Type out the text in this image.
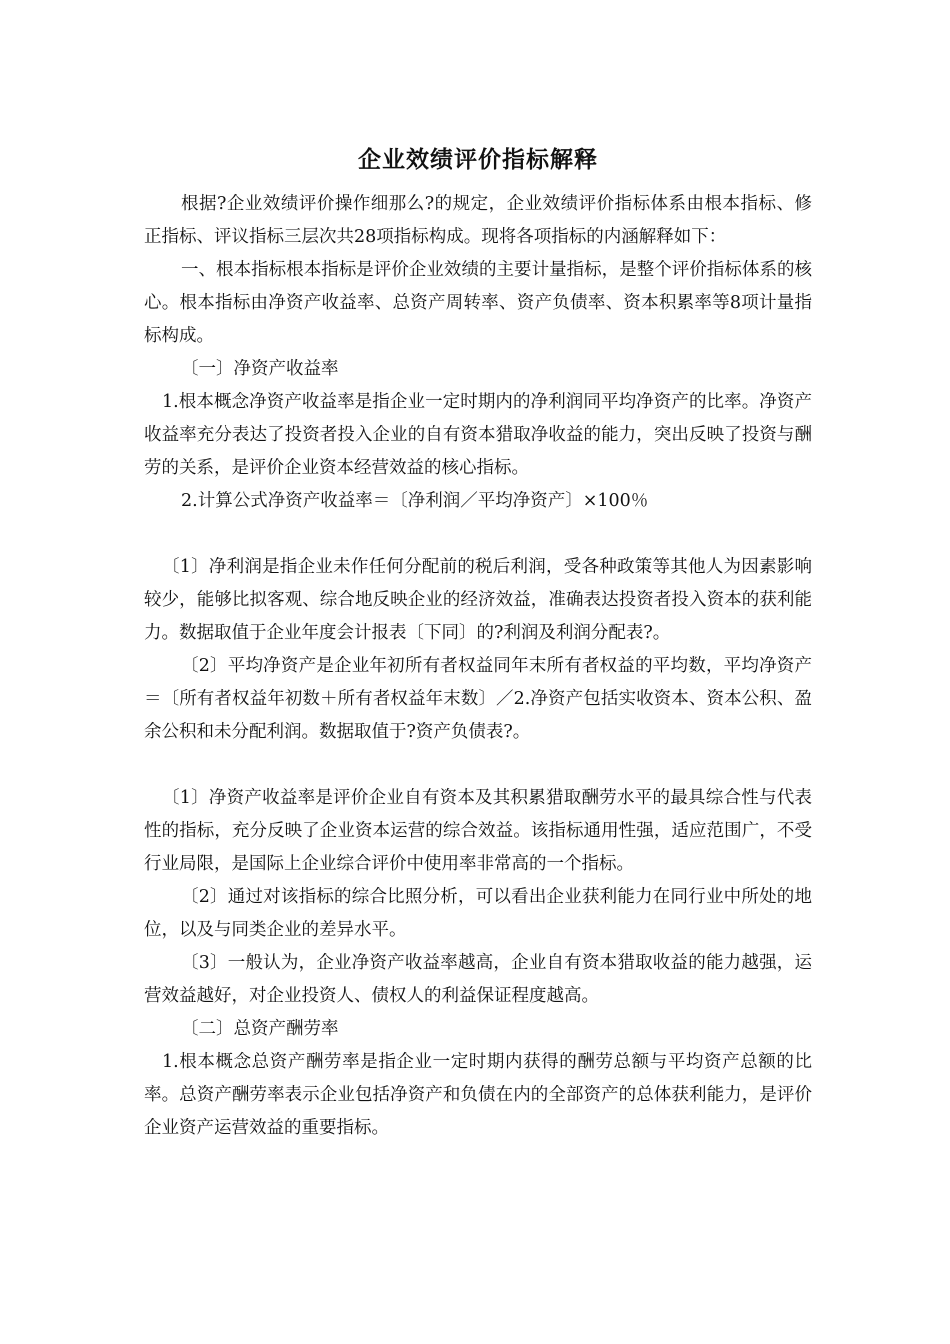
企业效绩评价指标解释

根据?企业效绩评价操作细那么?的规定，企业效绩评价指标体系由根本指标、修正指标、评议指标三层次共28项指标构成。现将各项指标的内涵解释如下：

一、根本指标根本指标是评价企业效绩的主要计量指标，是整个评价指标体系的核心。根本指标由净资产收益率、总资产周转率、资产负债率、资本积累率等8项计量指标构成。

〔一〕净资产收益率

1.根本概念净资产收益率是指企业一定时期内的净利润同平均净资产的比率。净资产收益率充分表达了投资者投入企业的自有资本猎取净收益的能力，突出反映了投资与酬劳的关系，是评价企业资本经营效益的核心指标。

2.计算公式净资产收益率＝〔净利润／平均净资产〕×100％

〔1〕净利润是指企业未作任何分配前的税后利润，受各种政策等其他人为因素影响较少，能够比拟客观、综合地反映企业的经济效益，准确表达投资者投入资本的获利能力。数据取值于企业年度会计报表〔下同〕的?利润及利润分配表?。

〔2〕平均净资产是企业年初所有者权益同年末所有者权益的平均数，平均净资产＝〔所有者权益年初数＋所有者权益年末数〕／2.净资产包括实收资本、资本公积、盈余公积和未分配利润。数据取值于?资产负债表?。

〔1〕净资产收益率是评价企业自有资本及其积累猎取酬劳水平的最具综合性与代表性的指标，充分反映了企业资本运营的综合效益。该指标通用性强，适应范围广，不受行业局限，是国际上企业综合评价中使用率非常高的一个指标。

〔2〕通过对该指标的综合比照分析，可以看出企业获利能力在同行业中所处的地位，以及与同类企业的差异水平。

〔3〕一般认为，企业净资产收益率越高，企业自有资本猎取收益的能力越强，运营效益越好，对企业投资人、债权人的利益保证程度越高。

〔二〕总资产酬劳率

1.根本概念总资产酬劳率是指企业一定时期内获得的酬劳总额与平均资产总额的比率。总资产酬劳率表示企业包括净资产和负债在内的全部资产的总体获利能力，是评价企业资产运营效益的重要指标。
